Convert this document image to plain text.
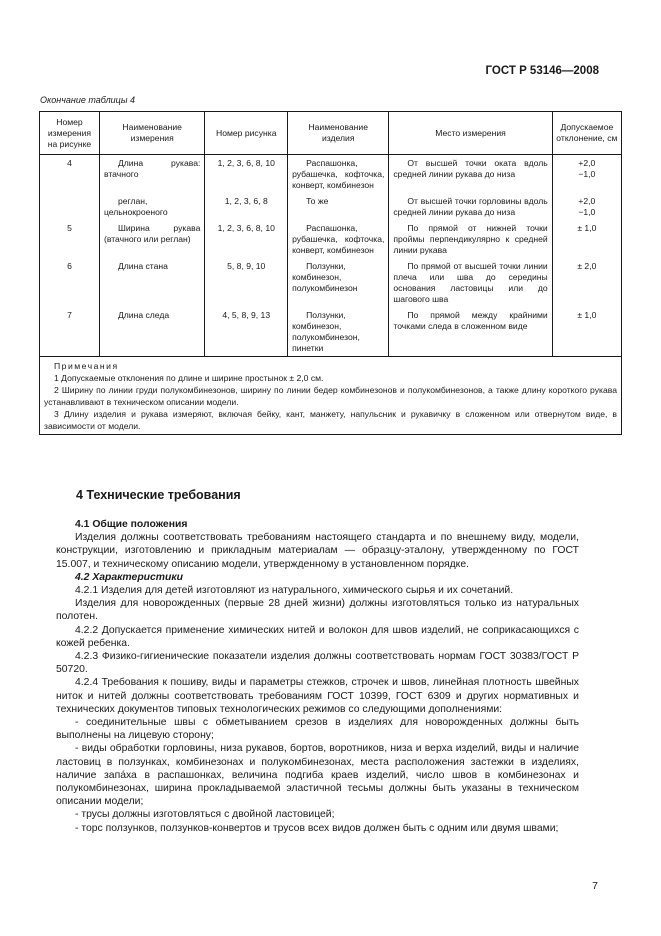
ГОСТ Р 53146—2008
Окончание таблицы 4
Номер измерения на рисунке	Наименование измерения	Номер рисунка	Наименование изделия	Место измерения	Допускаемое отклонение, см
4	Длина рукава: втачного	1, 2, 3, 6, 8, 10	Распашонка, рубашечка, кофточка, конверт, комбинезон	От высшей точки оката вдоль средней линии рукава до низа	+2,0
−1,0
	реглан, цельнокроеного	1, 2, 3, 6, 8	То же	От высшей точки горловины вдоль средней линии рукава до низа	+2,0
−1,0
5	Ширина рукава (втачного или реглан)	1, 2, 3, 6, 8, 10	Распашонка, рубашечка, кофточка, конверт, комбинезон	По прямой от нижней точки проймы перпендикулярно к средней линии рукава	± 1,0
6	Длина стана	5, 8, 9, 10	Ползунки, комбинезон, полукомбинезон	По прямой от высшей точки линии плеча или шва до середины основания ластовицы или до шагового шва	± 2,0
7	Длина следа	4, 5, 8, 9, 13	Ползунки, комбинезон, полукомбинезон, пинетки	По прямой между крайними точками следа в сложенном виде	± 1,0

Примечания
1 Допускаемые отклонения по длине и ширине простынок ± 2,0 см.
2 Ширину по линии груди полукомбинезонов, ширину по линии бедер комбинезонов и полукомбинезонов, а также длину короткого рукава устанавливают в техническом описании модели.
3 Длину изделия и рукава измеряют, включая бейку, кант, манжету, напульсник и рукавичку в сложенном или отвернутом виде, в зависимости от модели.					
4 Технические требования

4.1 Общие положения

Изделия должны соответствовать требованиям настоящего стандарта и по внешнему виду, модели, конструкции, изготовлению и прикладным материалам — образцу-эталону, утвержденному по ГОСТ 15.007, и техническому описанию модели, утвержденному в установленном порядке.

4.2 Характеристики

4.2.1 Изделия для детей изготовляют из натурального, химического сырья и их сочетаний.

Изделия для новорожденных (первые 28 дней жизни) должны изготовляться только из натуральных полотен.

4.2.2 Допускается применение химических нитей и волокон для швов изделий, не соприкасающихся с кожей ребенка.

4.2.3 Физико-гигиенические показатели изделия должны соответствовать нормам ГОСТ 30383/ГОСТ Р 50720.

4.2.4 Требования к пошиву, виды и параметры стежков, строчек и швов, линейная плотность швейных ниток и нитей должны соответствовать требованиям ГОСТ 10399, ГОСТ 6309 и других нормативных и технических документов типовых технологических режимов со следующими дополнениями:

- соединительные швы с обметыванием срезов в изделиях для новорожденных должны быть выполнены на лицевую сторону;

- виды обработки горловины, низа рукавов, бортов, воротников, низа и верха изделий, виды и наличие ластовиц в ползунках, комбинезонах и полукомбинезонах, места расположения застежки в изделиях, наличие запáха в распашонках, величина подгиба краев изделий, число швов в комбинезонах и полукомбинезонах, ширина прокладываемой эластичной тесьмы должны быть указаны в техническом описании модели;

- трусы должны изготовляться с двойной ластовицей;

- торс ползунков, ползунков-конвертов и трусов всех видов должен быть с одним или двумя швами;

7
